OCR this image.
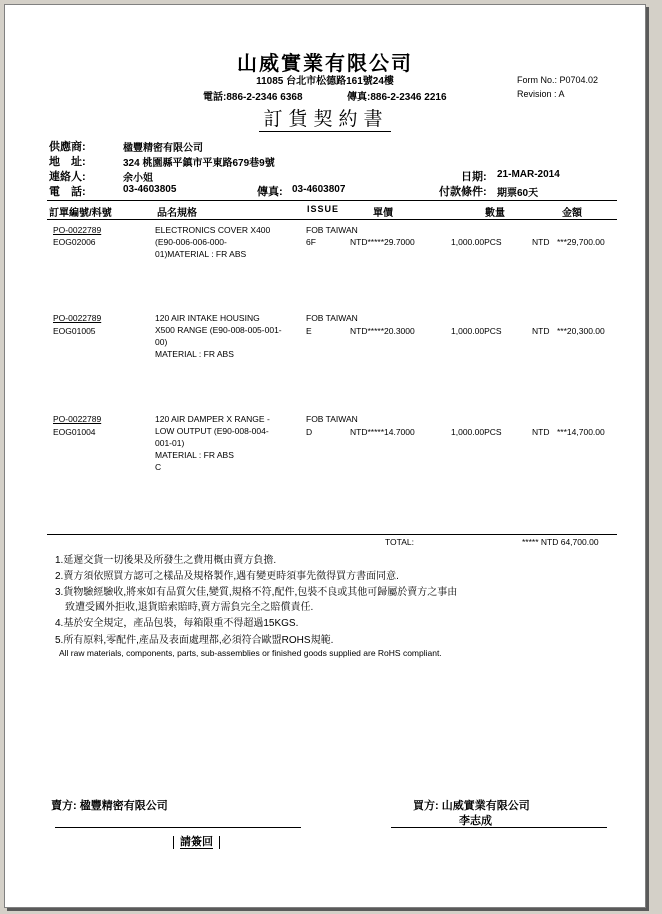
山威實業有限公司
11085 台北市松德路161號24樓
電話:886-2-2346 6368	傳真:886-2-2346 2216
Form No.: P0704.02
Revision : A
訂貨契約書
供應商:	楹豐精密有限公司
地　址:	324 桃園縣平鎮市平東路679巷9號
連絡人:	余小姐
電　話:	03-4603805	傳真: 03-4603807
日期: 21-MAR-2014
付款條件: 期票60天
訂單編號/料號	品名規格	ISSUE	單價	數量	金額
PO-0022789
EOG02006
ELECTRONICS COVER X400
(E90-006-006-000-
01)MATERIAL : FR ABS
FOB TAIWAN
6F	NTD*****29.7000	1,000.00PCS	NTD ***29,700.00
PO-0022789
EOG01005
120 AIR INTAKE HOUSING
X500 RANGE (E90-008-005-001-
00)
MATERIAL : FR ABS
FOB TAIWAN
E	NTD*****20.3000	1,000.00PCS	NTD ***20,300.00
PO-0022789
EOG01004
120 AIR DAMPER X RANGE -
LOW OUTPUT (E90-008-004-
001-01)
MATERIAL : FR ABS
C
FOB TAIWAN
D	NTD*****14.7000	1,000.00PCS	NTD ***14,700.00
TOTAL:	***** NTD 64,700.00
1.延遲交貨一切後果及所發生之費用概由賣方負擔.
2.賣方須依照買方認可之樣品及規格製作,遇有變更時須事先徵得買方書面同意.
3.貨物驗經驗收,將來如有品質欠佳,變質,規格不符,配件,包裝不良或其他可歸屬於賣方之事由
　致遭受國外拒收,退貨賠索賠時,賣方需負完全之賠償責任.
4.基於安全規定，產品包裝，每箱限重不得超過15KGS.
5.所有原料,零配件,產品及表面處理都,必須符合歐盟ROHS規範.
All raw materials, components, parts, sub-assemblies or finished goods supplied are RoHS compliant.
賣方: 楹豐精密有限公司	買方: 山威實業有限公司
李志成
請簽回
